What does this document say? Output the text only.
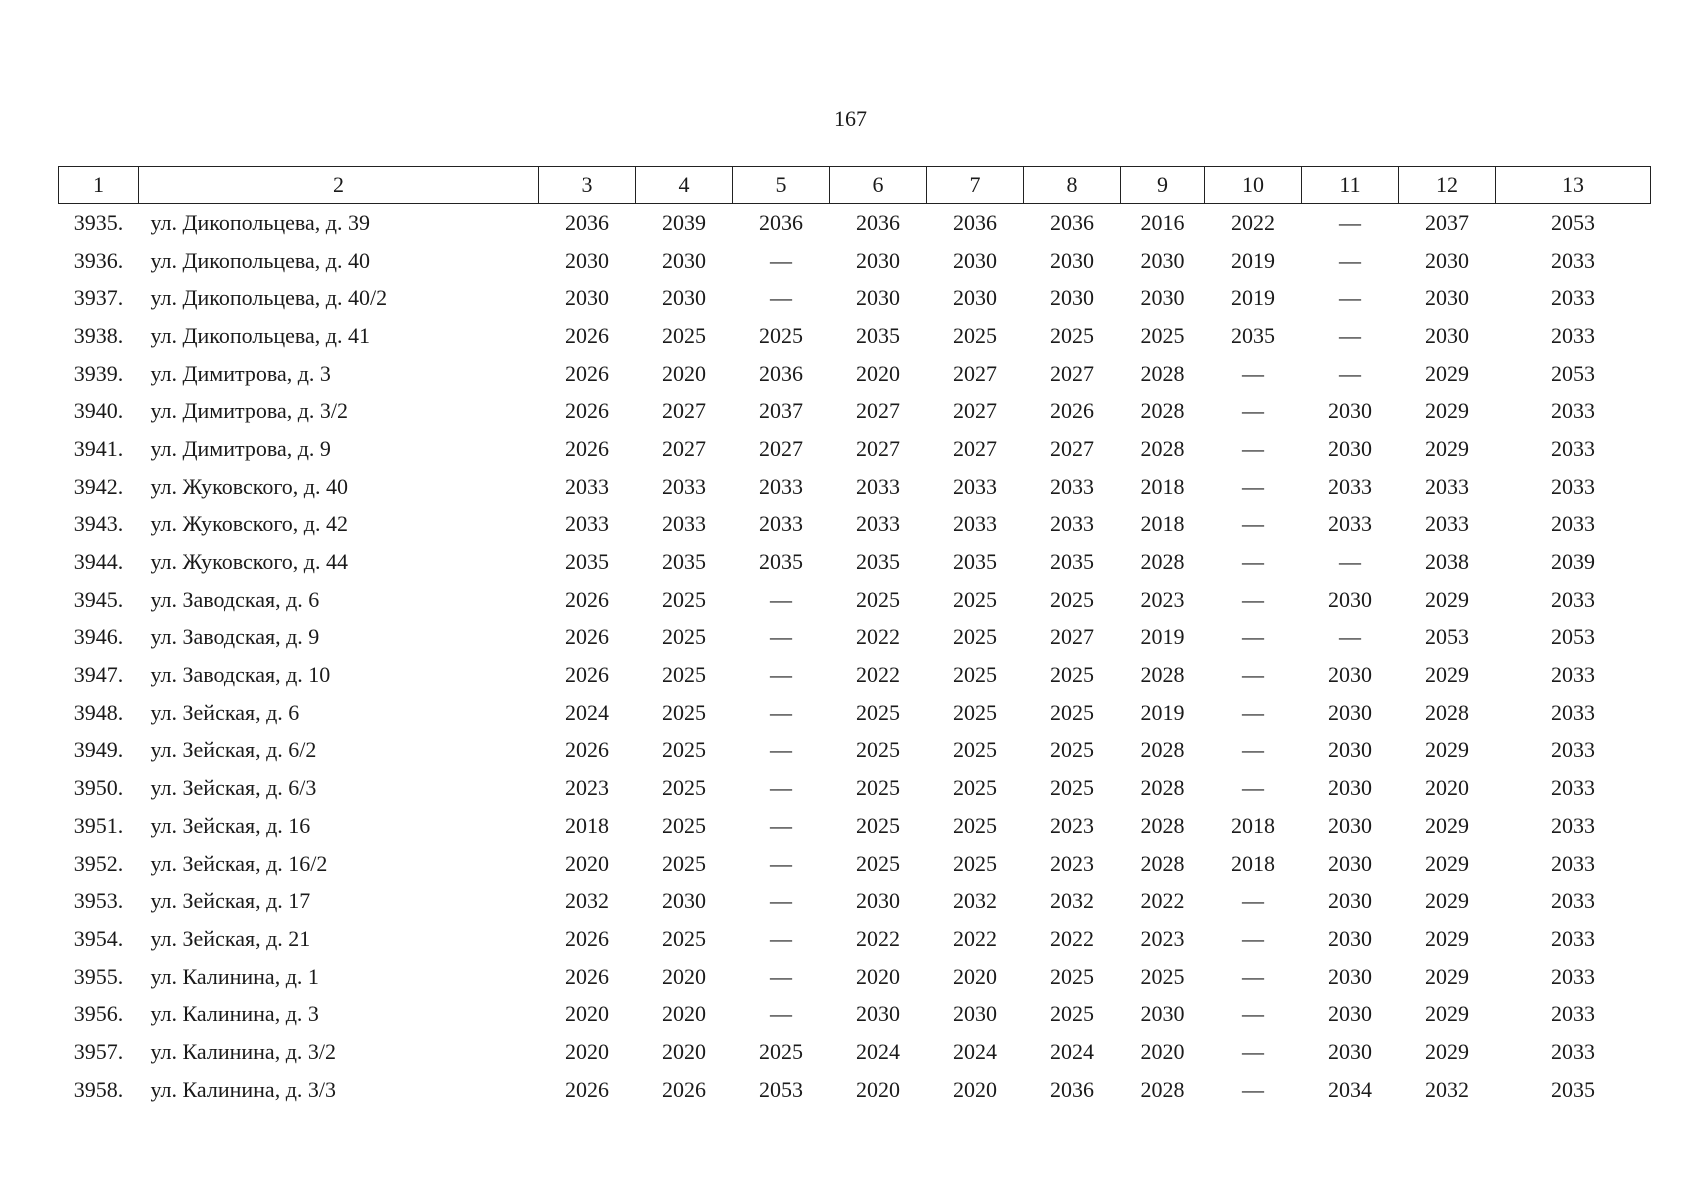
167
1	2	3	4	5	6	7	8	9	10	11	12	13
3935.	ул. Дикопольцева, д. 39	2036	2039	2036	2036	2036	2036	2016	2022	—	2037	2053
3936.	ул. Дикопольцева, д. 40	2030	2030	—	2030	2030	2030	2030	2019	—	2030	2033
3937.	ул. Дикопольцева, д. 40/2	2030	2030	—	2030	2030	2030	2030	2019	—	2030	2033
3938.	ул. Дикопольцева, д. 41	2026	2025	2025	2035	2025	2025	2025	2035	—	2030	2033
3939.	ул. Димитрова, д. 3	2026	2020	2036	2020	2027	2027	2028	—	—	2029	2053
3940.	ул. Димитрова, д. 3/2	2026	2027	2037	2027	2027	2026	2028	—	2030	2029	2033
3941.	ул. Димитрова, д. 9	2026	2027	2027	2027	2027	2027	2028	—	2030	2029	2033
3942.	ул. Жуковского, д. 40	2033	2033	2033	2033	2033	2033	2018	—	2033	2033	2033
3943.	ул. Жуковского, д. 42	2033	2033	2033	2033	2033	2033	2018	—	2033	2033	2033
3944.	ул. Жуковского, д. 44	2035	2035	2035	2035	2035	2035	2028	—	—	2038	2039
3945.	ул. Заводская, д. 6	2026	2025	—	2025	2025	2025	2023	—	2030	2029	2033
3946.	ул. Заводская, д. 9	2026	2025	—	2022	2025	2027	2019	—	—	2053	2053
3947.	ул. Заводская, д. 10	2026	2025	—	2022	2025	2025	2028	—	2030	2029	2033
3948.	ул. Зейская, д. 6	2024	2025	—	2025	2025	2025	2019	—	2030	2028	2033
3949.	ул. Зейская, д. 6/2	2026	2025	—	2025	2025	2025	2028	—	2030	2029	2033
3950.	ул. Зейская, д. 6/3	2023	2025	—	2025	2025	2025	2028	—	2030	2020	2033
3951.	ул. Зейская, д. 16	2018	2025	—	2025	2025	2023	2028	2018	2030	2029	2033
3952.	ул. Зейская, д. 16/2	2020	2025	—	2025	2025	2023	2028	2018	2030	2029	2033
3953.	ул. Зейская, д. 17	2032	2030	—	2030	2032	2032	2022	—	2030	2029	2033
3954.	ул. Зейская, д. 21	2026	2025	—	2022	2022	2022	2023	—	2030	2029	2033
3955.	ул. Калинина, д. 1	2026	2020	—	2020	2020	2025	2025	—	2030	2029	2033
3956.	ул. Калинина, д. 3	2020	2020	—	2030	2030	2025	2030	—	2030	2029	2033
3957.	ул. Калинина, д. 3/2	2020	2020	2025	2024	2024	2024	2020	—	2030	2029	2033
3958.	ул. Калинина, д. 3/3	2026	2026	2053	2020	2020	2036	2028	—	2034	2032	2035
